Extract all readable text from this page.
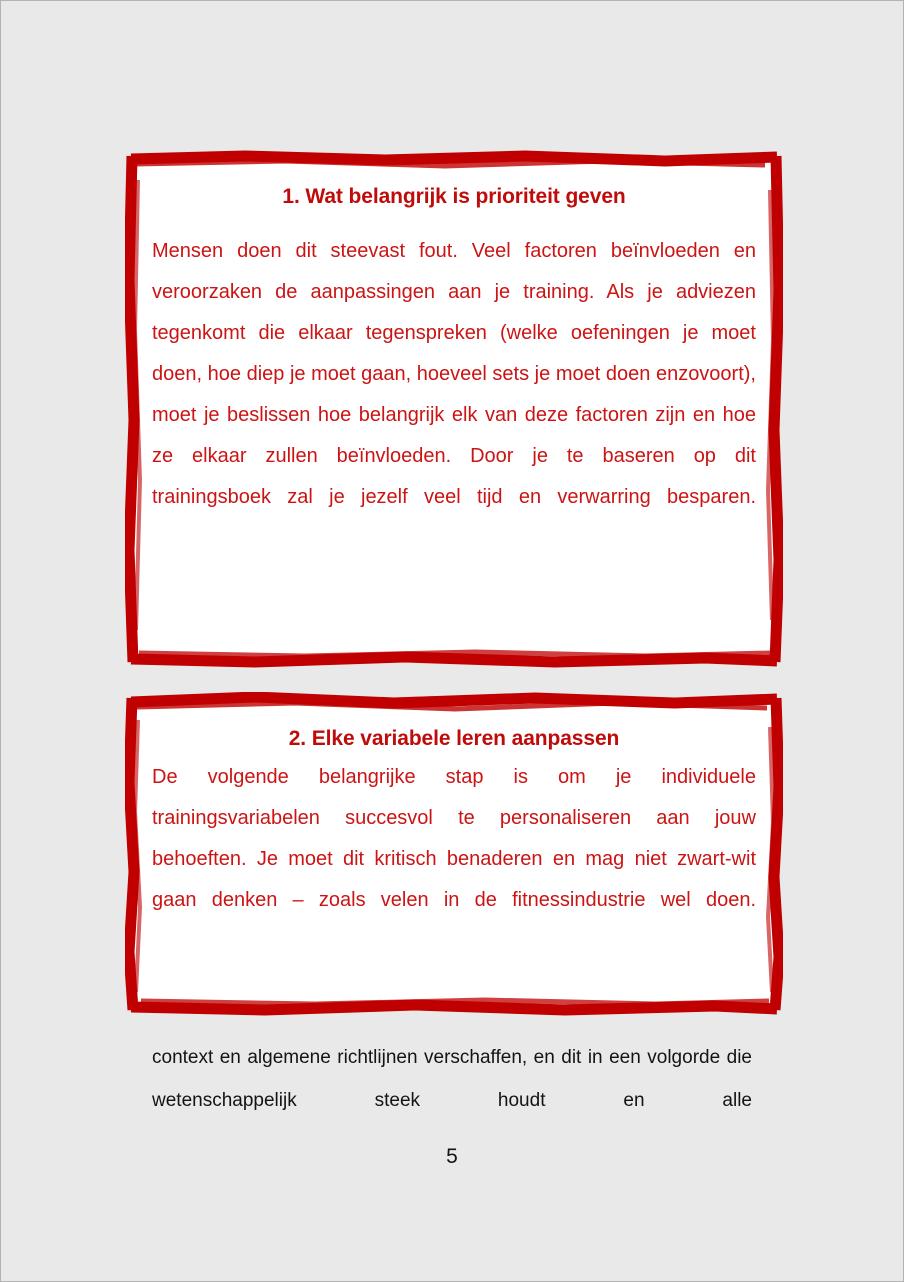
1. Wat belangrijk is prioriteit geven

Mensen doen dit steevast fout. Veel factoren beïnvloeden en veroorzaken de aanpassingen aan je training. Als je adviezen tegenkomt die elkaar tegenspreken (welke oefeningen je moet doen, hoe diep je moet gaan, hoeveel sets je moet doen enzovoort), moet je beslissen hoe belangrijk elk van deze factoren zijn en hoe ze elkaar zullen beïnvloeden. Door je te baseren op dit trainingsboek zal je jezelf veel tijd en verwarring besparen.

2. Elke variabele leren aanpassen

De volgende belangrijke stap is om je individuele trainingsvariabelen succesvol te personaliseren aan jouw behoeften. Je moet dit kritisch benaderen en mag niet zwart-wit gaan denken – zoals velen in de fitnessindustrie wel doen.

context en algemene richtlijnen verschaffen, en dit in een volgorde die wetenschappelijk steek houdt en alle
5
